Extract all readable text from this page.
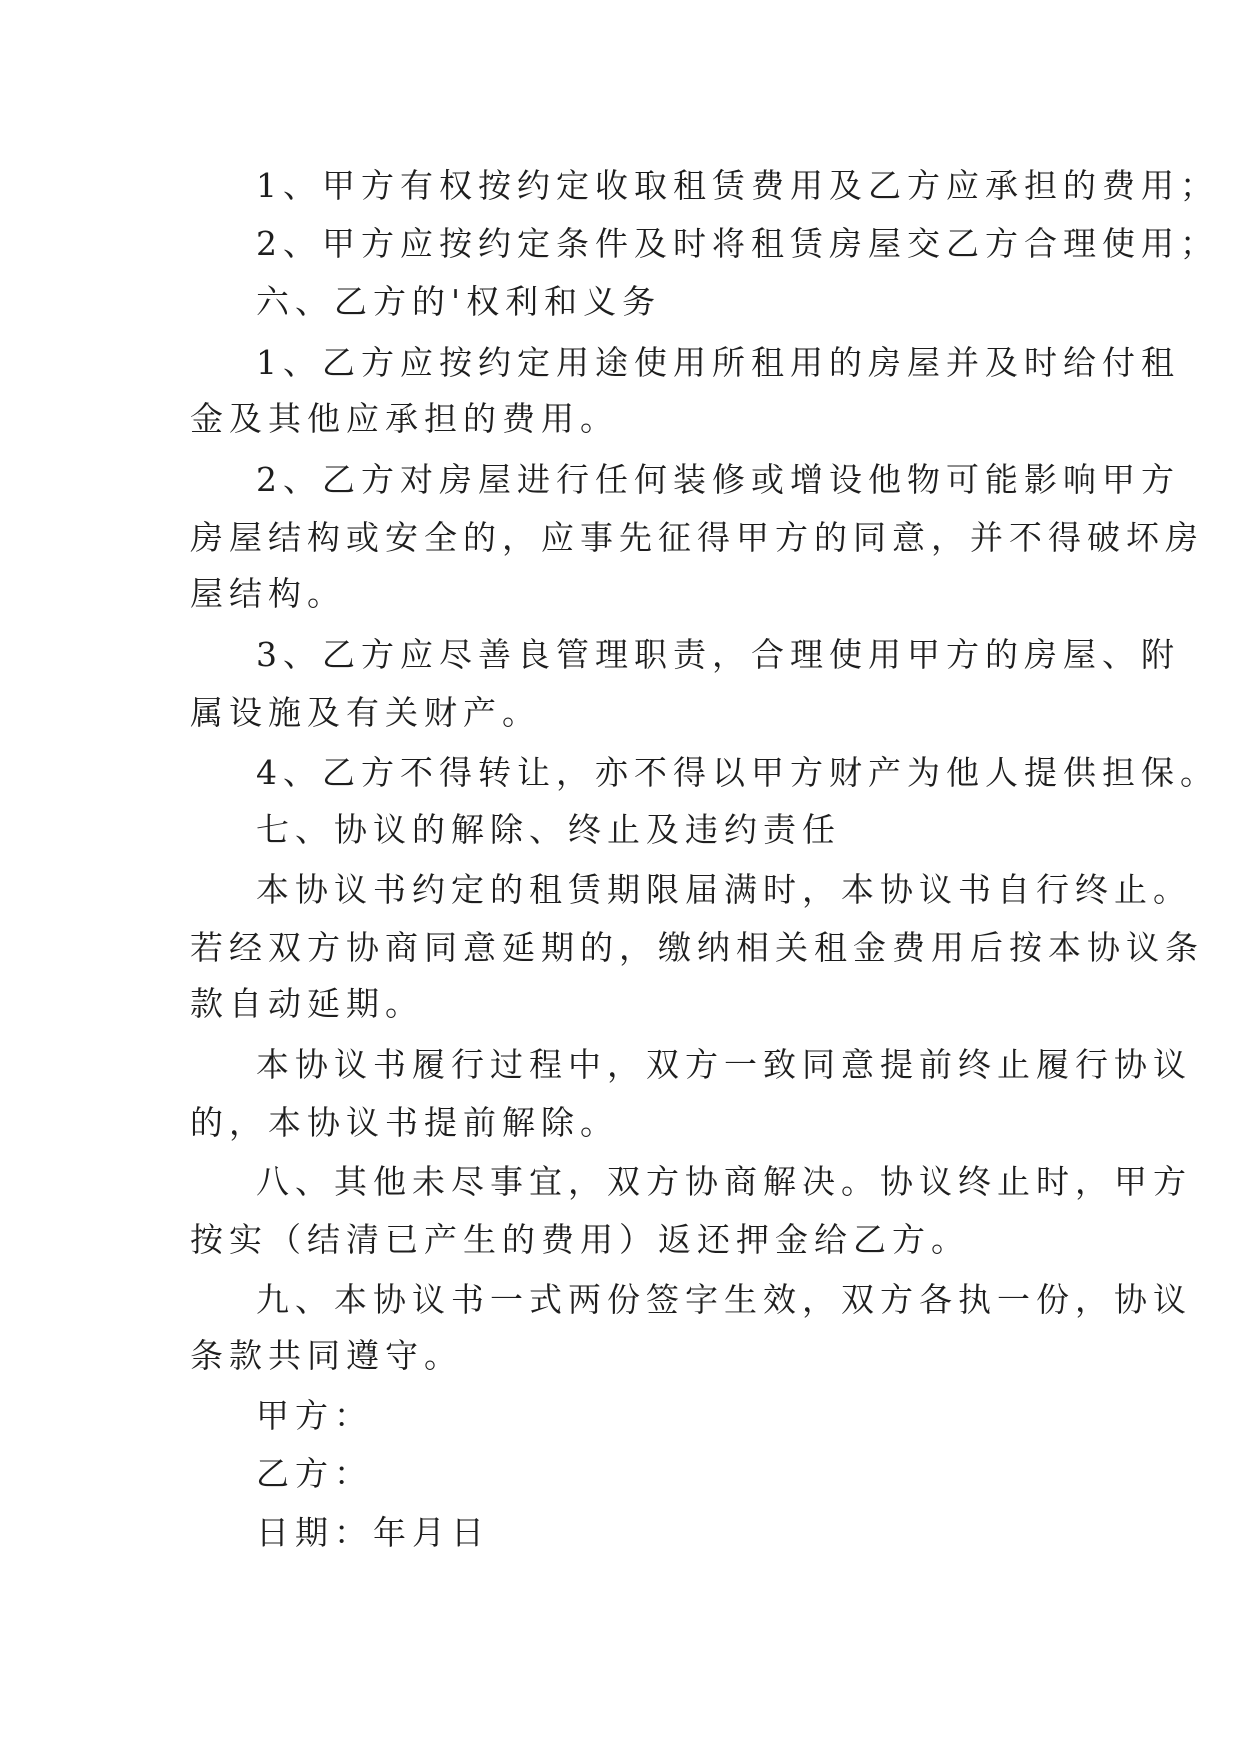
1、甲方有权按约定收取租赁费用及乙方应承担的费用；
2、甲方应按约定条件及时将租赁房屋交乙方合理使用；
六、乙方的'权利和义务
1、乙方应按约定用途使用所租用的房屋并及时给付租
金及其他应承担的费用。
2、乙方对房屋进行任何装修或增设他物可能影响甲方
房屋结构或安全的，应事先征得甲方的同意，并不得破坏房
屋结构。
3、乙方应尽善良管理职责，合理使用甲方的房屋、附
属设施及有关财产。
4、乙方不得转让，亦不得以甲方财产为他人提供担保。
七、协议的解除、终止及违约责任
本协议书约定的租赁期限届满时，本协议书自行终止。
若经双方协商同意延期的，缴纳相关租金费用后按本协议条
款自动延期。
本协议书履行过程中，双方一致同意提前终止履行协议
的，本协议书提前解除。
八、其他未尽事宜，双方协商解决。协议终止时，甲方
按实（结清已产生的费用）返还押金给乙方。
九、本协议书一式两份签字生效，双方各执一份，协议
条款共同遵守。
甲方：
乙方：
日期：年月日
